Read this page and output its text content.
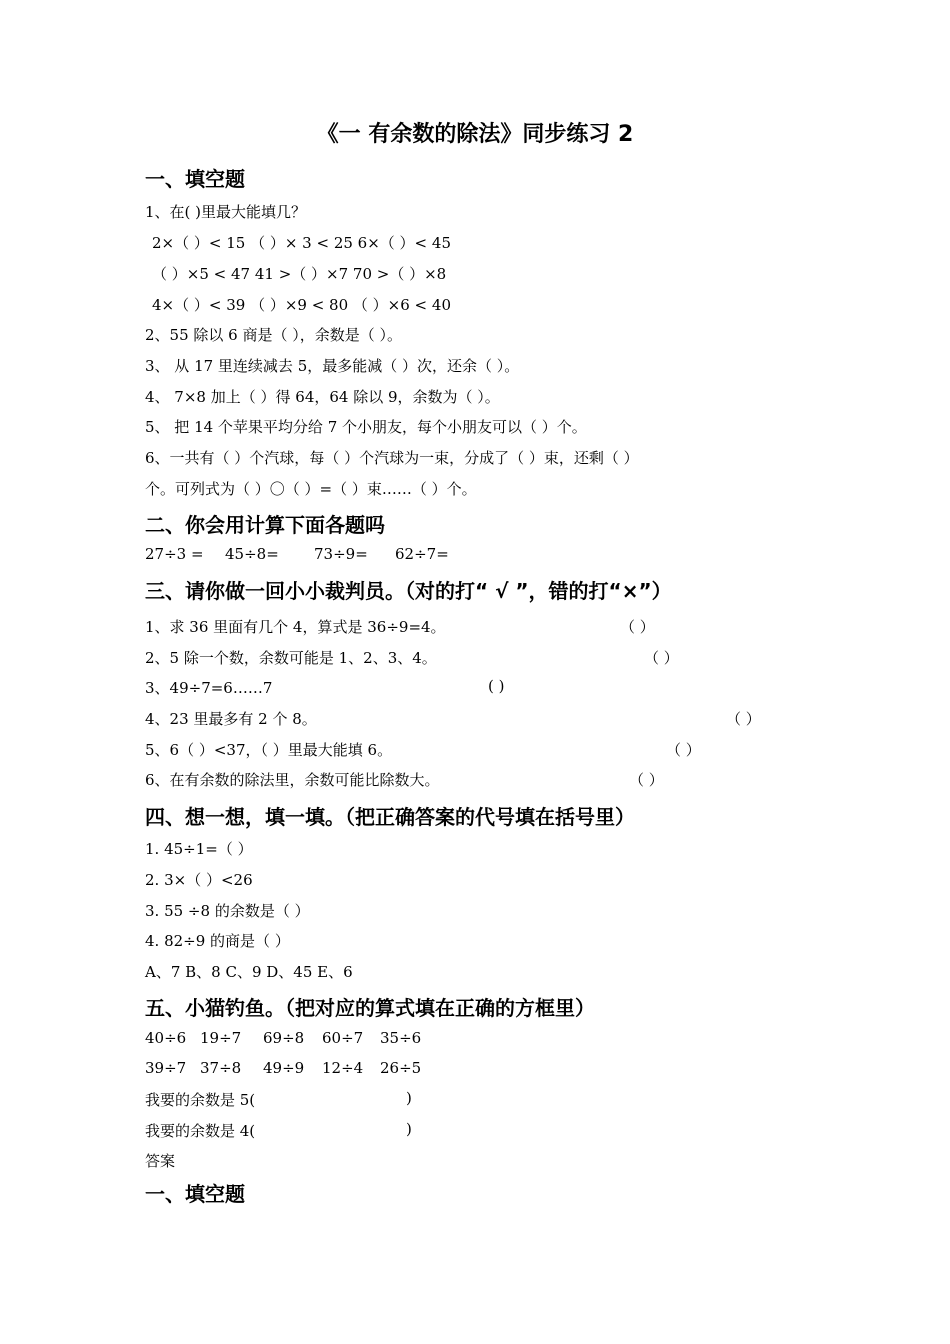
《一 有余数的除法》同步练习 2
一、填空题
1、在( )里最大能填几？
2×（ ）< 15 （ ）× 3 < 25 6×（ ）< 45
（ ）×5 < 47 41 >（ ）×7 70 >（ ）×8
4×（ ）< 39 （ ）×9 < 80 （ ）×6 < 40
2、55 除以 6 商是（ ），余数是（ ）。
3、 从 17 里连续减去 5，最多能减（ ）次，还余（ ）。
4、 7×8 加上（ ）得 64，64 除以 9，余数为（ ）。
5、 把 14 个苹果平均分给 7 个小朋友，每个小朋友可以（ ）个。
6、一共有（ ）个汽球，每（ ）个汽球为一束，分成了（ ）束，还剩（ ）
个。可列式为（ ）〇（ ）=（ ）束……（ ）个。
二、你会用计算下面各题吗
27÷3 = 45÷8= 73÷9= 62÷7=
三、请你做一回小小裁判员。（对的打“ √ ”，错的打“×”）
1、求 36 里面有几个 4，算式是 36÷9=4。	（ ）
2、5 除一个数，余数可能是 1、2、3、4。	（ ）
3、49÷7=6……7	( )
4、23 里最多有 2 个 8。	（ ）
5、6（ ）<37，（ ）里最大能填 6。	（ ）
6、在有余数的除法里，余数可能比除数大。	（ ）
四、想一想，填一填。（把正确答案的代号填在括号里）
1. 45÷1=（ ）
2. 3×（ ）<26
3. 55 ÷8 的余数是（ ）
4. 82÷9 的商是（ ）
A、7 B、8 C、9 D、45 E、6
五、小猫钓鱼。（把对应的算式填在正确的方框里）
40÷6 19÷7 69÷8 60÷7 35÷6
39÷7 37÷8 49÷9 12÷4 26÷5
我要的余数是 5(	)
我要的余数是 4(	)
答案
一、填空题
